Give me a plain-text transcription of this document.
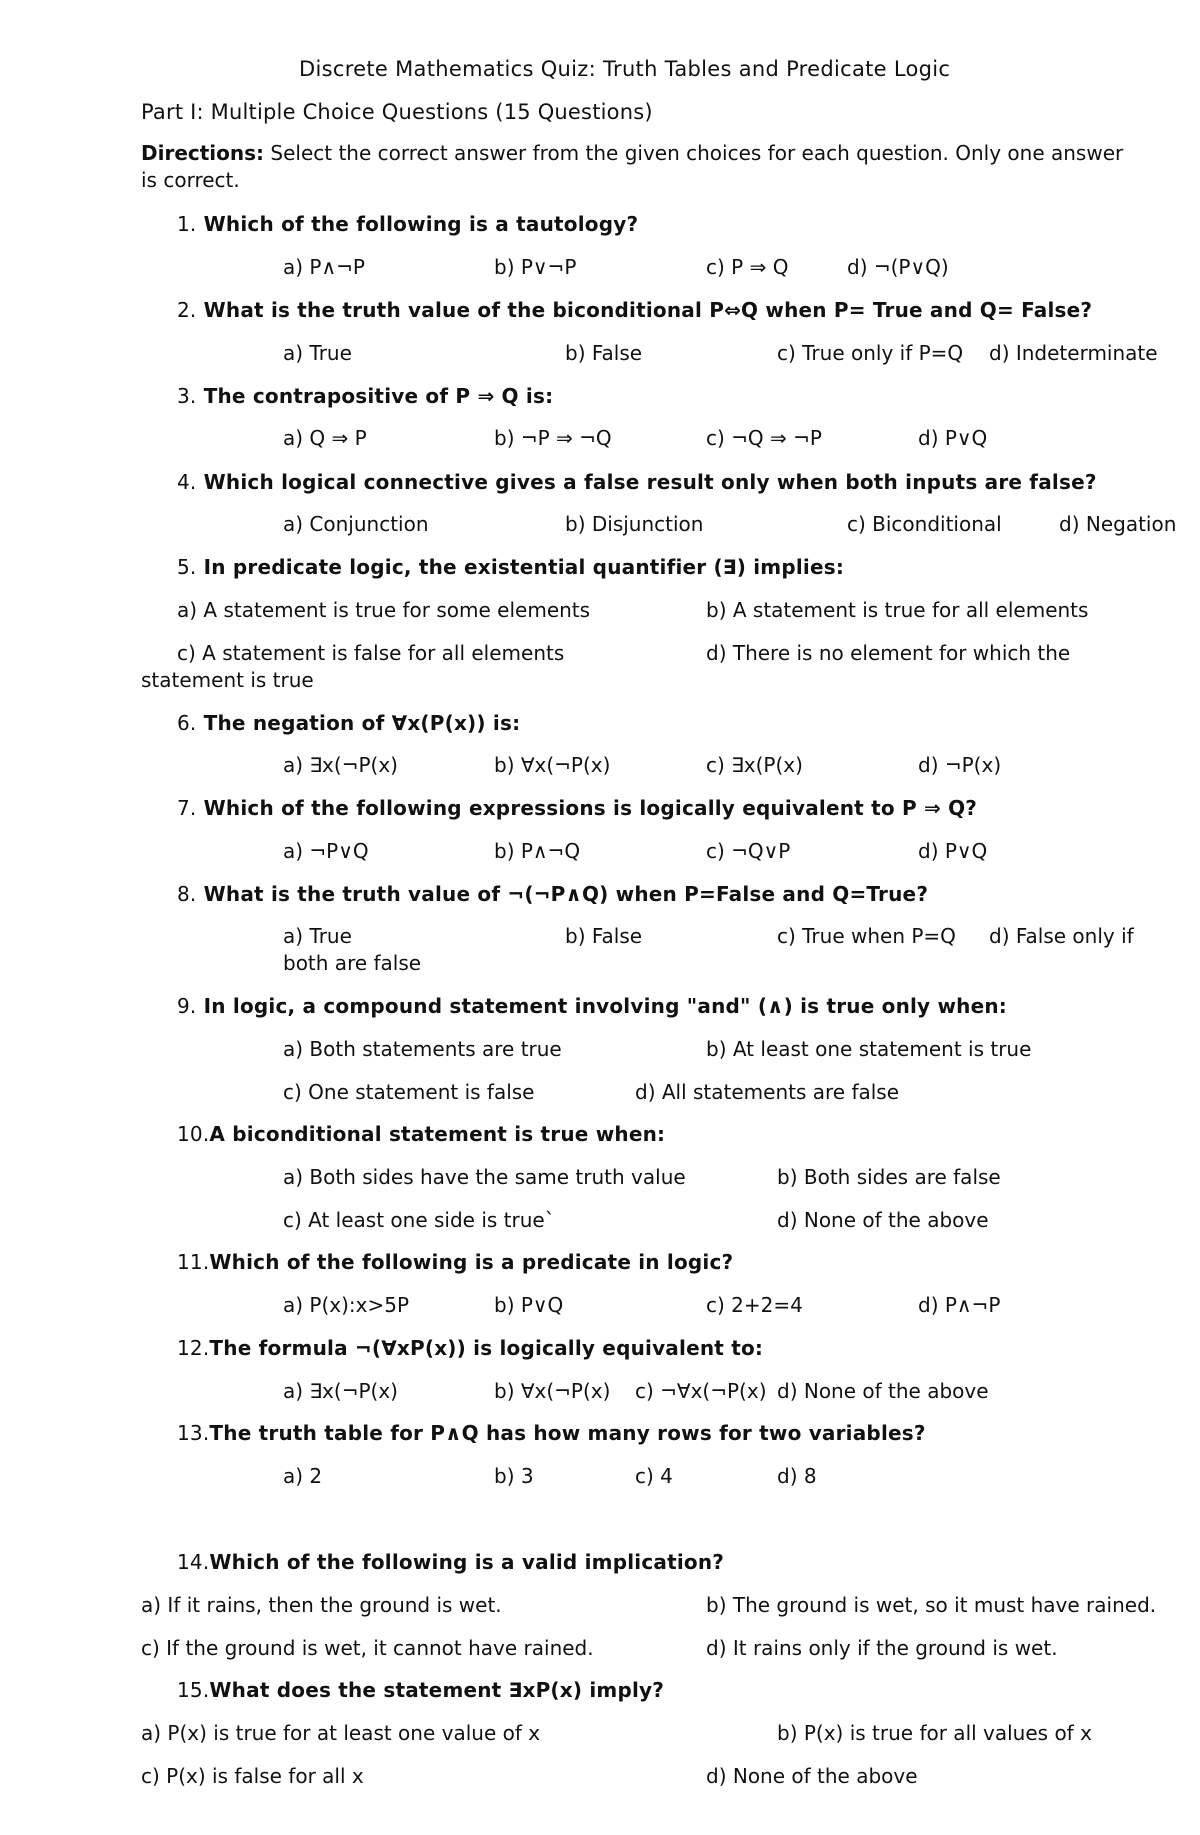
Discrete Mathematics Quiz: Truth Tables and Predicate Logic
Part I: Multiple Choice Questions (15 Questions)
Directions: Select the correct answer from the given choices for each question. Only one answer is correct.
1. Which of the following is a tautology?
a) P∧¬P	b) P∨¬P	c) P ⇒ Q	d) ¬(P∨Q)
2. What is the truth value of the biconditional P⇔Q when P= True and Q= False?
a) True	b) False	c) True only if P=Q d) Indeterminate
3. The contrapositive of P ⇒ Q is:
a) Q ⇒ P	b) ¬P ⇒ ¬Q	c) ¬Q ⇒ ¬P	d) P∨Q
4. Which logical connective gives a false result only when both inputs are false?
a) Conjunction	b) Disjunction	c) Biconditional	d) Negation
5. In predicate logic, the existential quantifier (∃) implies:
a) A statement is true for some elements	b) A statement is true for all elements
c) A statement is false for all elements	d) There is no element for which the
statement is true
6. The negation of ∀x(P(x)) is:
a) ∃x(¬P(x)	b) ∀x(¬P(x)	c) ∃x(P(x)	d) ¬P(x)
7. Which of the following expressions is logically equivalent to P ⇒ Q?
a) ¬P∨Q	b) P∧¬Q	c) ¬Q∨P	d) P∨Q
8. What is the truth value of ¬(¬P∧Q) when P=False and Q=True?
a) True	b) False	c) True when P=Q d) False only if
both are false
9. In logic, a compound statement involving "and" (∧) is true only when:
a) Both statements are true	b) At least one statement is true
c) One statement is false	d) All statements are false
10.A biconditional statement is true when:
a) Both sides have the same truth value	b) Both sides are false
c) At least one side is true`	d) None of the above
11.Which of the following is a predicate in logic?
a) P(x):x>5P	b) P∨Q	c) 2+2=4	d) P∧¬P
12.The formula ¬(∀xP(x)) is logically equivalent to:
a) ∃x(¬P(x)	b) ∀x(¬P(x) c) ¬∀x(¬P(x) d) None of the above
13.The truth table for P∧Q has how many rows for two variables?
a) 2	b) 3	c) 4	d) 8
14.Which of the following is a valid implication?
a) If it rains, then the ground is wet.	b) The ground is wet, so it must have rained.
c) If the ground is wet, it cannot have rained.	d) It rains only if the ground is wet.
15.What does the statement ∃xP(x) imply?
a) P(x) is true for at least one value of x	b) P(x) is true for all values of x
c) P(x) is false for all x	d) None of the above
